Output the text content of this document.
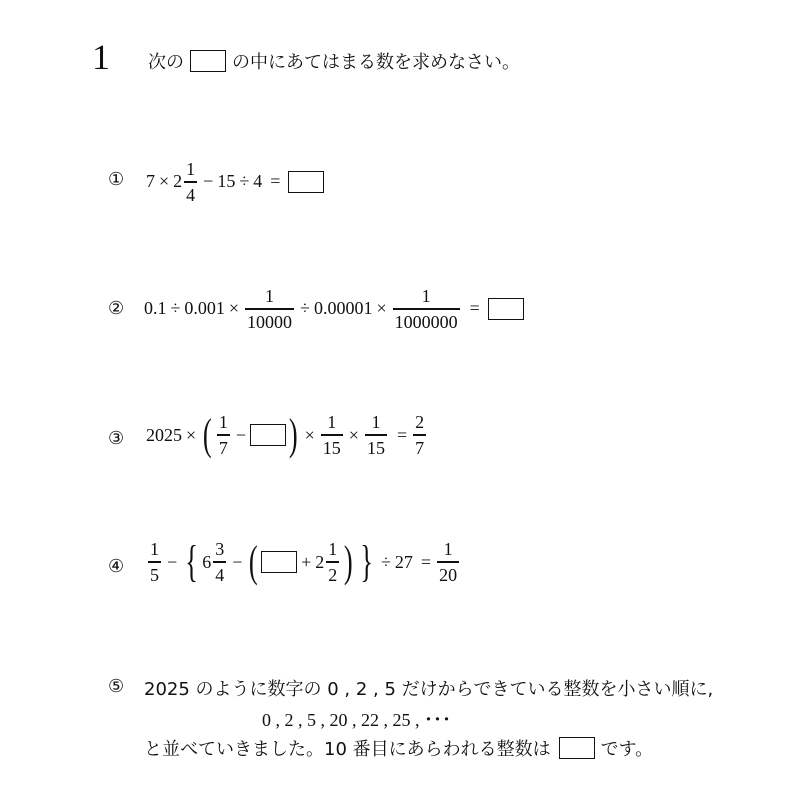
1 次の	の中にあてはまる数を求めなさい。
① $7 \times 2 \frac{1}{4} - 15 \div 4$ =
② $0.1 \div 0.001 \times \frac{1}{10000} \div 0.00001 \times \frac{1}{1000000}$ =
③ 2025 × ( $\frac{1}{7}$ − ) × $\frac{1}{15} \times \frac{1}{15} = \frac{2}{7}$
④ $\frac{1}{5}$ − { $6 \frac{3}{4}$ − ( + $2 \frac{1}{2}$ ) } ÷ $27 = \frac{1}{20}$
⑤ 2025 のように数字の 0 , 2 , 5 だけからできている整数を小さい順に,
0 , 2 , 5 , 20 , 22 , 25 , ･･･
と並べていきました。10 番目にあらわれる整数は	です。
